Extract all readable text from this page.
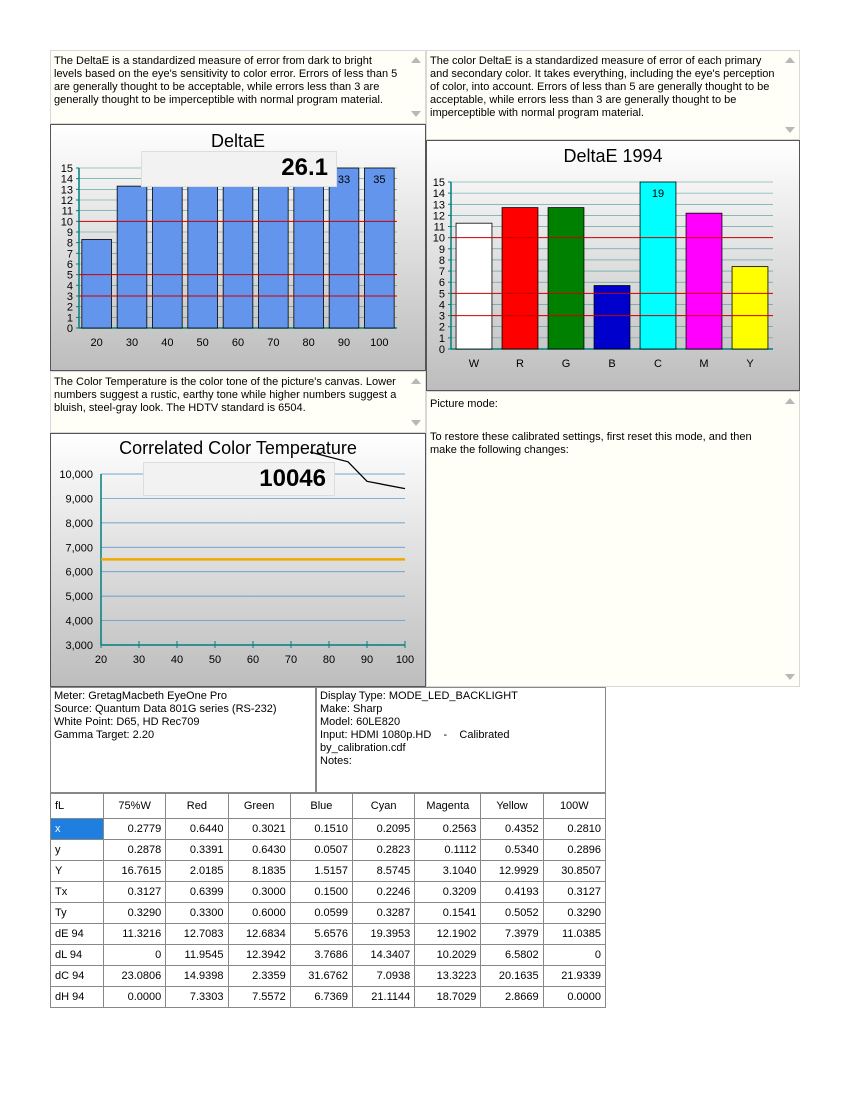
The DeltaE is a standardized measure of error from dark to bright levels based on the eye's sensitivity to color error. Errors of less than 5 are generally thought to be acceptable, while errors less than 3 are generally thought to be imperceptible with normal program material.
The color DeltaE is a standardized measure of error of each primary and secondary color. It takes everything, including the eye's perception of color, into account. Errors of less than 5 are generally thought to be acceptable, while errors less than 3 are generally thought to be imperceptible with normal program material.
DeltaE
0
1
2
3
4
5
6
7
8
9
10
11
12
13
14
15
20 30 40 50 60 70 80
33
90
35
100
26.1	DeltaE 1994
0
1
2
3
4
5
6
7
8
9
10
11
12
13
14
15
W	R	G	B
19
C	M	Y
The Color Temperature is the color tone of the picture's canvas. Lower numbers suggest a rustic, earthy tone while higher numbers suggest a bluish, steel-gray look. The HDTV standard is 6504.	Picture mode:
To restore these calibrated settings, first reset this mode, and then make the following changes:
Correlated Color Temperature
3,000
4,000
5,000
6,000
7,000
8,000
9,000
10,000
20 30 40 50 60 70 80 90 100
10046
Meter: GretagMacbeth EyeOne Pro
Source: Quantum Data 801G series (RS-232)
White Point: D65, HD Rec709
Gamma Target: 2.20
Display Type: MODE_LED_BACKLIGHT
Make: Sharp
Model: 60LE820
Input: HDMI 1080p.HD    -    Calibrated
by_calibration.cdf
Notes:
fL	75%W	Red	Green	Blue	Cyan	Magenta	Yellow	100W
x	0.2779	0.6440	0.3021	0.1510	0.2095	0.2563	0.4352	0.2810
y	0.2878	0.3391	0.6430	0.0507	0.2823	0.1112	0.5340	0.2896
Y	16.7615	2.0185	8.1835	1.5157	8.5745	3.1040	12.9929	30.8507
Tx	0.3127	0.6399	0.3000	0.1500	0.2246	0.3209	0.4193	0.3127
Ty	0.3290	0.3300	0.6000	0.0599	0.3287	0.1541	0.5052	0.3290
dE 94	11.3216	12.7083	12.6834	5.6576	19.3953	12.1902	7.3979	11.0385
dL 94	0	11.9545	12.3942	3.7686	14.3407	10.2029	6.5802	0
dC 94	23.0806	14.9398	2.3359	31.6762	7.0938	13.3223	20.1635	21.9339
dH 94	0.0000	7.3303	7.5572	6.7369	21.1144	18.7029	2.8669	0.0000
